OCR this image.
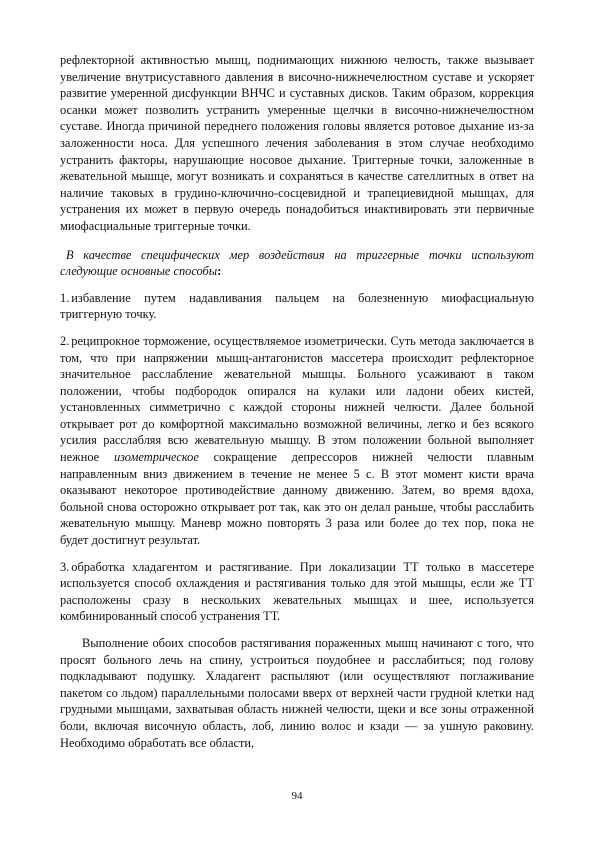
рефлекторной активностью мышц, поднимающих нижнюю челюсть, также вызывает увеличение внутрисуставного давления в височно-нижнечелюстном суставе и ускоряет развитие умеренной дисфункции ВНЧС и суставных дисков. Таким образом, коррекция осанки может позволить устранить умеренные щелчки в височно-нижнечелюстном суставе. Иногда причиной переднего положения головы является ротовое дыхание из-за заложенности носа. Для успешного лечения заболевания в этом случае необходимо устранить факторы, нарушающие носовое дыхание. Триггерные точки, заложенные в жевательной мышце, могут возникать и сохраняться в качестве сателлитных в ответ на наличие таковых в грудино-ключично-сосцевидной и трапециевидной мышцах, для устранения их может в первую очередь понадобиться инактивировать эти первичные миофасциальные триггерные точки.

В качестве специфических мер воздействия на триггерные точки используют следующие основные способы:

1. избавление путем надавливания пальцем на болезненную миофасциальную триггерную точку.

2. реципрокное торможение, осуществляемое изометрически. Суть метода заключается в том, что при напряжении мышц-антагонистов массетера происходит рефлекторное значительное расслабление жевательной мышцы. Больного усаживают в таком положении, чтобы подбородок опирался на кулаки или ладони обеих кистей, установленных симметрично с каждой стороны нижней челюсти. Далее больной открывает рот до комфортной максимально возможной величины, легко и без всякого усилия расслабляя всю жевательную мышцу. В этом положении больной выполняет нежное изометрическое сокращение депрессоров нижней челюсти плавным направленным вниз движением в течение не менее 5 с. В этот момент кисти врача оказывают некоторое противодействие данному движению. Затем, во время вдоха, больной снова осторожно открывает рот так, как это он делал раньше, чтобы расслабить жевательную мышцу. Маневр можно повторять 3 раза или более до тех пор, пока не будет достигнут результат.

3. обработка хладагентом и растягивание. При локализации ТТ только в массетере используется способ охлаждения и растягивания только для этой мышцы, если же ТТ расположены сразу в нескольких жевательных мышцах и шее, используется комбинированный способ устранения ТТ.

Выполнение обоих способов растягивания пораженных мышц начинают с того, что просят больного лечь на спину, устроиться поудобнее и расслабиться; под голову подкладывают подушку. Хладагент распыляют (или осуществляют поглаживание пакетом со льдом) параллельными полосами вверх от верхней части грудной клетки над грудными мышцами, захватывая область нижней челюсти, щеки и все зоны отраженной боли, включая височную область, лоб, линию волос и кзади — за ушную раковину. Необходимо обработать все области,

94
